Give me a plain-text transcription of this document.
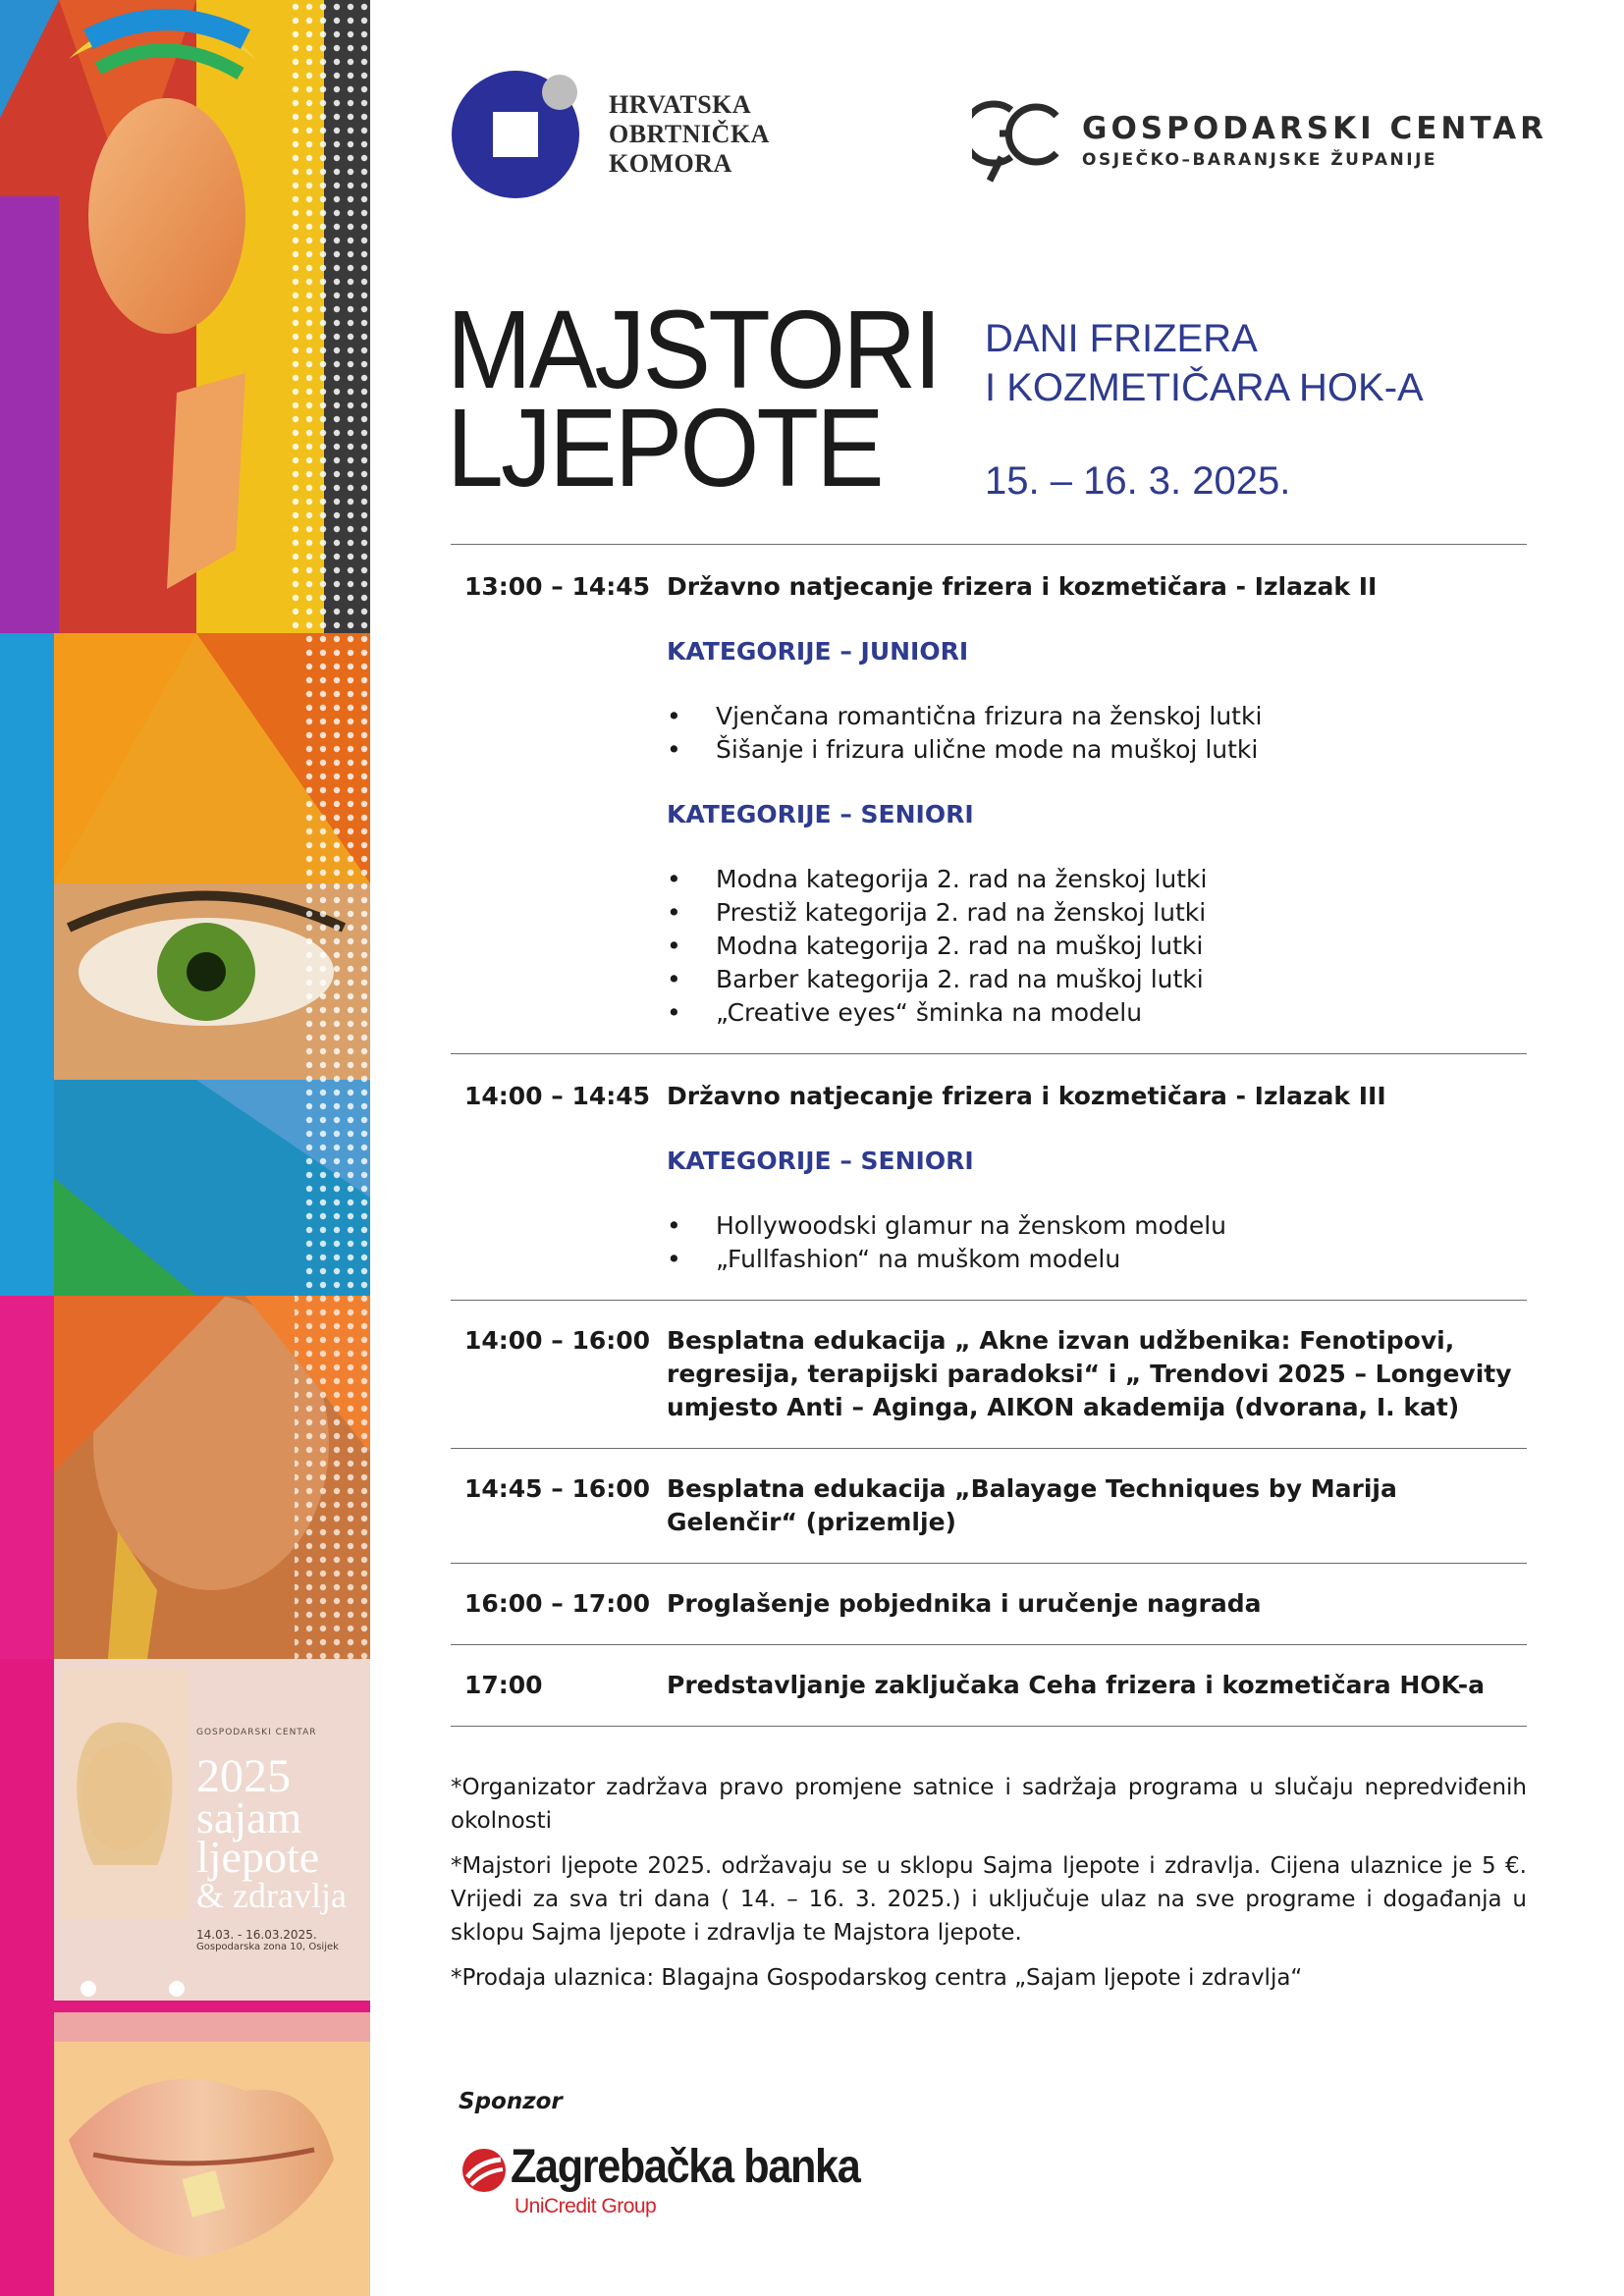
GOSPODARSKI CENTAR
2025
sajam
ljepote
& zdravlja
14.03. - 16.03.2025.
Gospodarska zona 10, Osijek
HRVATSKA
OBRTNIČKA
KOMORA
GOSPODARSKI CENTAR
OSJEČKO–BARANJSKE ŽUPANIJE
MAJSTORI
LJEPOTE
DANI FRIZERA
I KOZMETIČARA HOK-A
15. – 16. 3. 2025.
13:00 – 14:45 Državno natjecanje frizera i kozmetičara - Izlazak II
KATEGORIJE – JUNIORI
• Vjenčana romantična frizura na ženskoj lutki
• Šišanje i frizura ulične mode na muškoj lutki
KATEGORIJE – SENIORI
• Modna kategorija 2. rad na ženskoj lutki
• Prestiž kategorija 2. rad na ženskoj lutki
• Modna kategorija 2. rad na muškoj lutki
• Barber kategorija 2. rad na muškoj lutki
• „Creative eyes“ šminka na modelu
14:00 – 14:45 Državno natjecanje frizera i kozmetičara - Izlazak III
KATEGORIJE – SENIORI
• Hollywoodski glamur na ženskom modelu
• „Fullfashion“ na muškom modelu
14:00 – 16:00 Besplatna edukacija „ Akne izvan udžbenika: Fenotipovi, regresija, terapijski paradoksi“ i „ Trendovi 2025 – Longevity umjesto Anti – Aginga, AIKON akademija (dvorana, I. kat)
14:45 – 16:00 Besplatna edukacija „Balayage Techniques by Marija Gelenčir“ (prizemlje)
16:00 – 17:00 Proglašenje pobjednika i uručenje nagrada
17:00	Predstavljanje zaključaka Ceha frizera i kozmetičara HOK-a

*Organizator zadržava pravo promjene satnice i sadržaja programa u slučaju nepredviđenih okolnosti

*Majstori ljepote 2025. održavaju se u sklopu Sajma ljepote i zdravlja. Cijena ulaznice je 5 €. Vrijedi za sva tri dana ( 14. – 16. 3. 2025.) i uključuje ulaz na sve programe i događanja u sklopu Sajma ljepote i zdravlja te Majstora ljepote.

*Prodaja ulaznica: Blagajna Gospodarskog centra „Sajam ljepote i zdravlja“

Sponzor
Zagrebačka banka
UniCredit Group
